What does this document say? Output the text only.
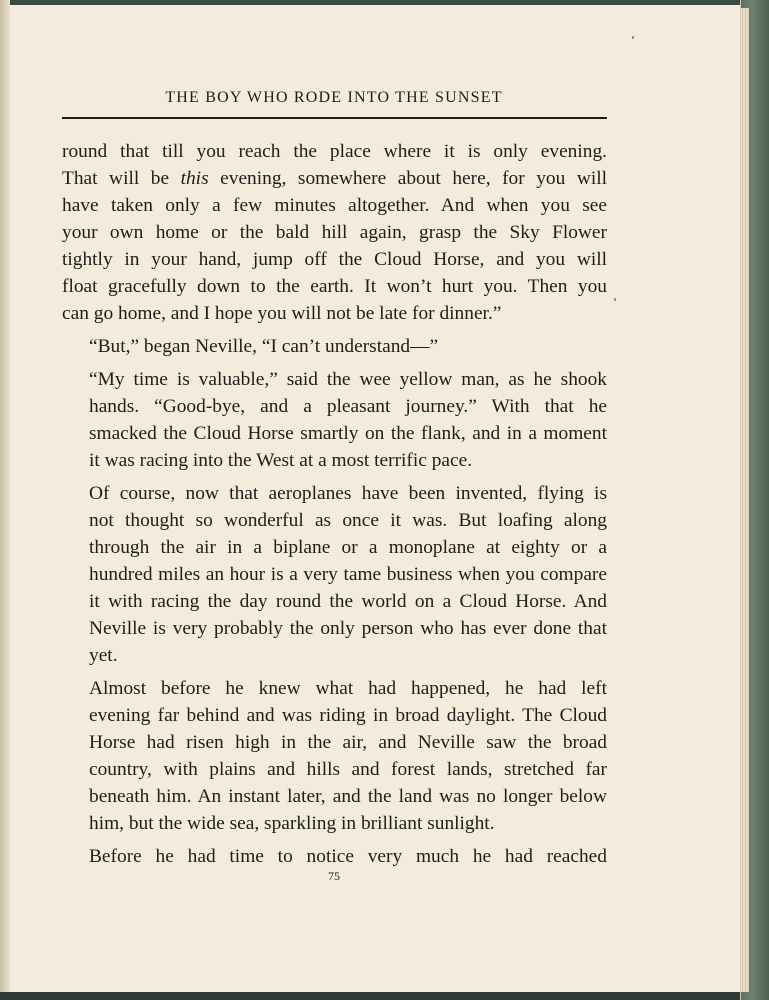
THE BOY WHO RODE INTO THE SUNSET

round that till you reach the place where it is only evening.
That will be this evening, somewhere about here, for you will
have taken only a few minutes altogether. And when you see
your own home or the bald hill again, grasp the Sky Flower
tightly in your hand, jump off the Cloud Horse, and you will
float gracefully down to the earth. It won’t hurt you. Then you
can go home, and I hope you will not be late for dinner.”

“But,” began Neville, “I can’t understand—”

“My time is valuable,” said the wee yellow man, as he shook
hands. “Good-bye, and a pleasant journey.” With that he
smacked the Cloud Horse smartly on the flank, and in a moment
it was racing into the West at a most terrific pace.

Of course, now that aeroplanes have been invented, flying is
not thought so wonderful as once it was. But loafing along
through the air in a biplane or a monoplane at eighty or a
hundred miles an hour is a very tame business when you compare
it with racing the day round the world on a Cloud Horse. And
Neville is very probably the only person who has ever done that
yet.

Almost before he knew what had happened, he had left
evening far behind and was riding in broad daylight. The Cloud
Horse had risen high in the air, and Neville saw the broad
country, with plains and hills and forest lands, stretched far
beneath him. An instant later, and the land was no longer below
him, but the wide sea, sparkling in brilliant sunlight.

Before he had time to notice very much he had reached

75
